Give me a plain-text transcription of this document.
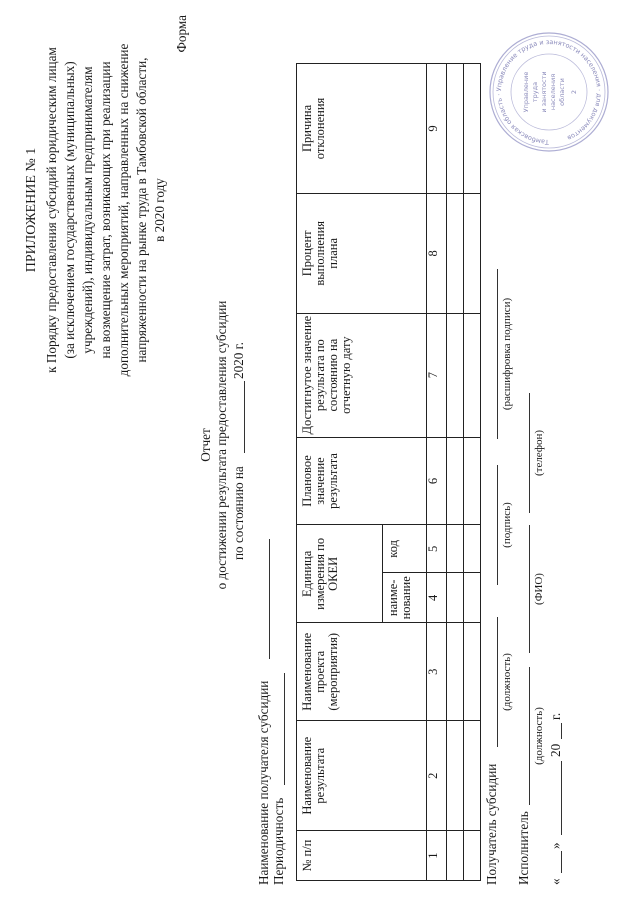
ПРИЛОЖЕНИЕ № 1 к Порядку предоставления субсидий юридическим лицам (за исключением государственных (муниципальных) учреждений), индивидуальным предпринимателям на возмещение затрат, возникающих при реализации дополнительных мероприятий, направленных на снижение напряженности на рынке труда в Тамбовской области, в 2020 году
Форма
Отчет о достижении результата предоставления субсидии по состоянию на
2020 г.
Наименование получателя субсидии Периодичность № п/п	Наименование результата	Наименование проекта (мероприятия)	Единица измерения по ОКЕИ		Плановое значение результата	Достигнутое значение результата по состоянию на отчетную дату	Процент выполнения плана	Причина отклонения
			наиме- нование	код				
1	2	3	4	5	6	7	8	9

Получатель субсидии
(должность)
(подпись)
(расшифровка подписи)
Исполнитель
(должность)
(ФИО)
(телефон)
«
»
20
г.
Тамбовская область · Управление труда и занятости населения · для документов
Управление труда и занятости населения области 2
